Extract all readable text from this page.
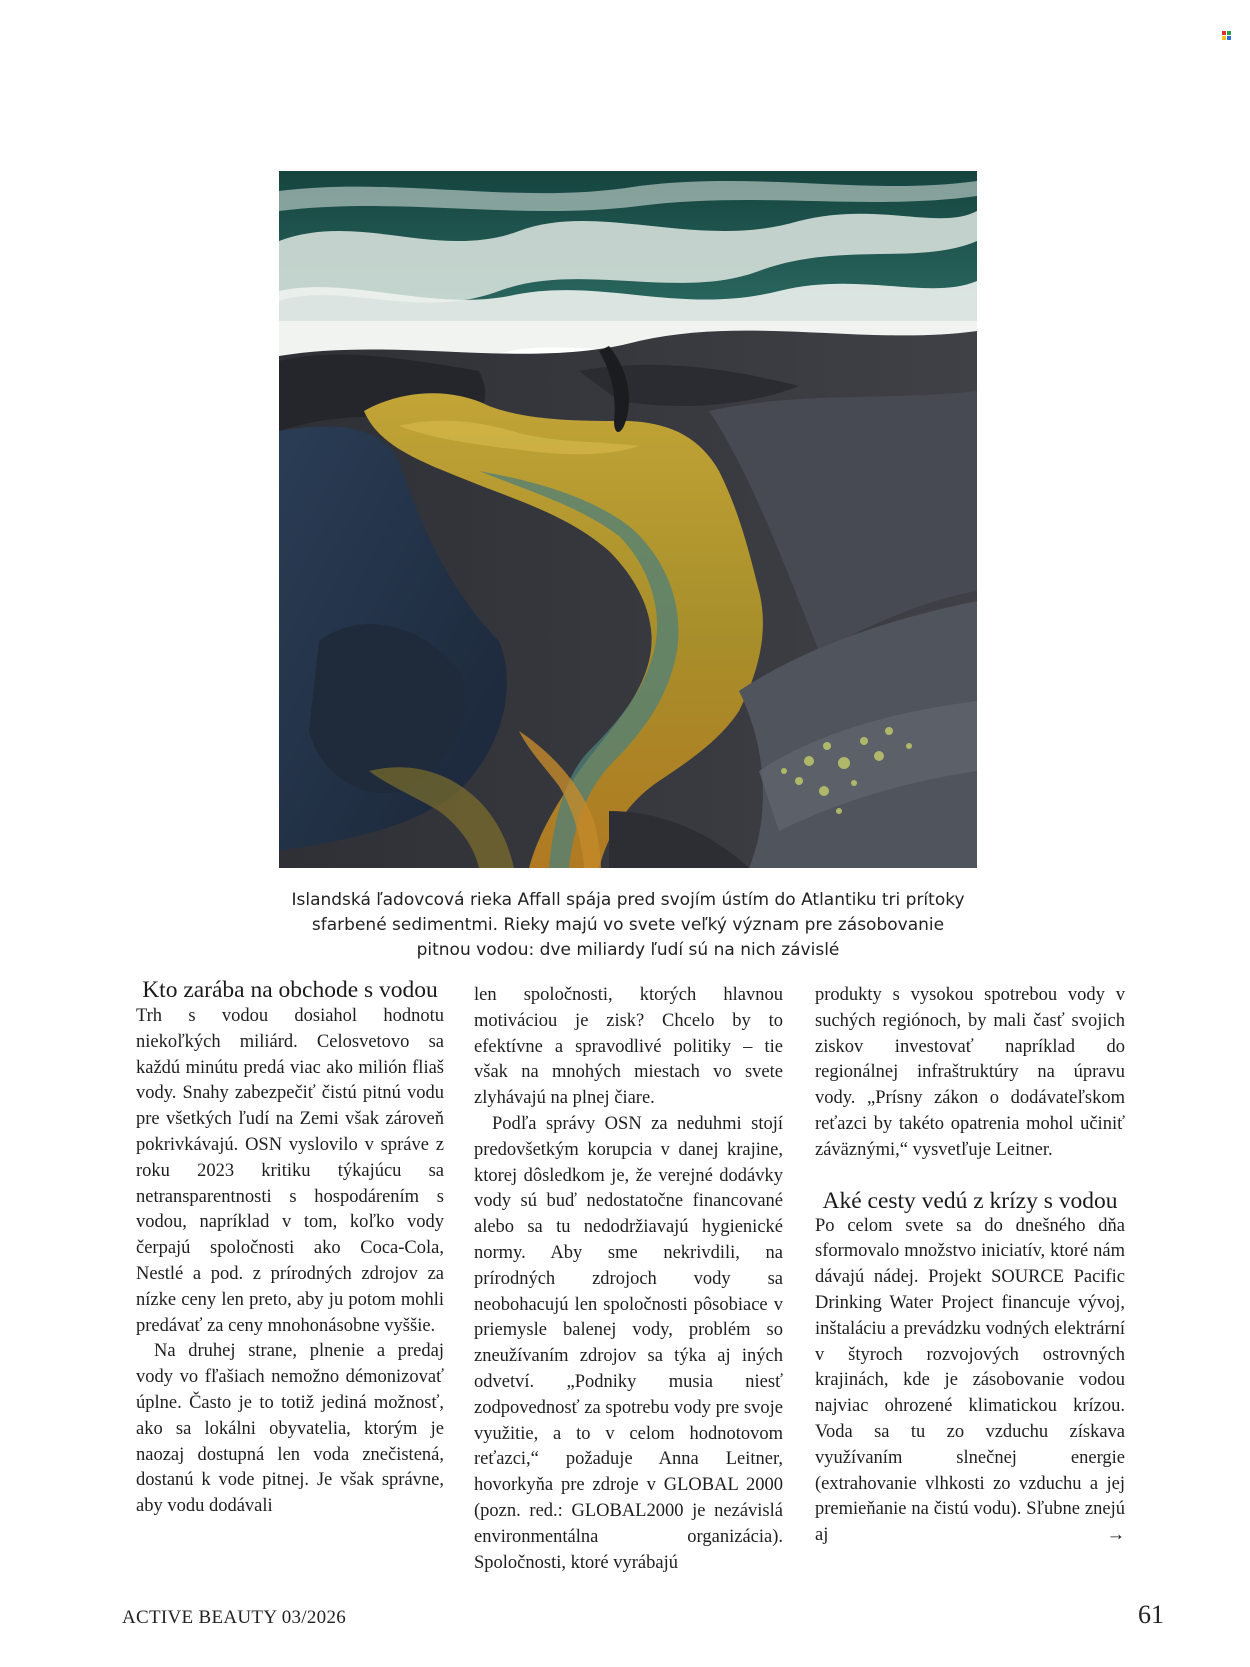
Islandská ľadovcová rieka Affall spája pred svojím ústím do Atlantiku tri prítoky
sfarbené sedimentmi. Rieky majú vo svete veľký význam pre zásobovanie
pitnou vodou: dve miliardy ľudí sú na nich závislé
Kto zarába na obchode s vodou

Trh s vodou dosiahol hodnotu niekoľkých miliárd. Celosvetovo sa každú minútu predá viac ako milión fliaš vody. Snahy zabezpečiť čistú pitnú vodu pre všetkých ľudí na Zemi však zároveň pokrivkávajú. OSN vyslovilo v správe z roku 2023 kritiku týkajúcu sa netransparentnosti s hospodárením s vodou, napríklad v tom, koľko vody čerpajú spoločnosti ako Coca-Cola, Nestlé a pod. z prírodných zdrojov za nízke ceny len preto, aby ju potom mohli predávať za ceny mnohonásobne vyššie.

Na druhej strane, plnenie a predaj vody vo fľašiach nemožno démonizovať úplne. Často je to totiž jediná možnosť, ako sa lokálni obyvatelia, ktorým je naozaj dostupná len voda znečistená, dostanú k vode pitnej. Je však správne, aby vodu dodávali

len spoločnosti, ktorých hlavnou motiváciou je zisk? Chcelo by to efektívne a spravodlivé politiky – tie však na mnohých miestach vo svete zlyhávajú na plnej čiare.

Podľa správy OSN za neduhmi stojí predovšetkým korupcia v danej krajine, ktorej dôsledkom je, že verejné dodávky vody sú buď nedostatočne financované alebo sa tu nedodržiavajú hygienické normy. Aby sme nekrivdili, na prírodných zdrojoch vody sa neobohacujú len spoločnosti pôsobiace v priemysle balenej vody, problém so zneužívaním zdrojov sa týka aj iných odvetví. „Podniky musia niesť zodpovednosť za spotrebu vody pre svoje využitie, a to v celom hodnotovom reťazci,“ požaduje Anna Leitner, hovorkyňa pre zdroje v GLOBAL 2000 (pozn. red.: GLOBAL2000 je nezávislá environmentálna organizácia). Spoločnosti, ktoré vyrábajú

produkty s vysokou spotrebou vody v suchých regiónoch, by mali časť svojich ziskov investovať napríklad do regionálnej infraštruktúry na úpravu vody. „Prísny zákon o dodávateľskom reťazci by takéto opatrenia mohol učiniť záväznými,“ vysvetľuje Leitner.

Aké cesty vedú z krízy s vodou

Po celom svete sa do dnešného dňa sformovalo množstvo iniciatív, ktoré nám dávajú nádej. Projekt SOURCE Pacific Drinking Water Project financuje vývoj, inštaláciu a prevádzku vodných elektrární v štyroch rozvojových ostrovných krajinách, kde je zásobovanie vodou najviac ohrozené klimatickou krízou. Voda sa tu zo vzduchu získava využívaním slnečnej energie (extrahovanie vlhkosti zo vzduchu a jej premieňanie na čistú vodu). Sľubne znejú aj →

ACTIVE BEAUTY 03/2026	61
